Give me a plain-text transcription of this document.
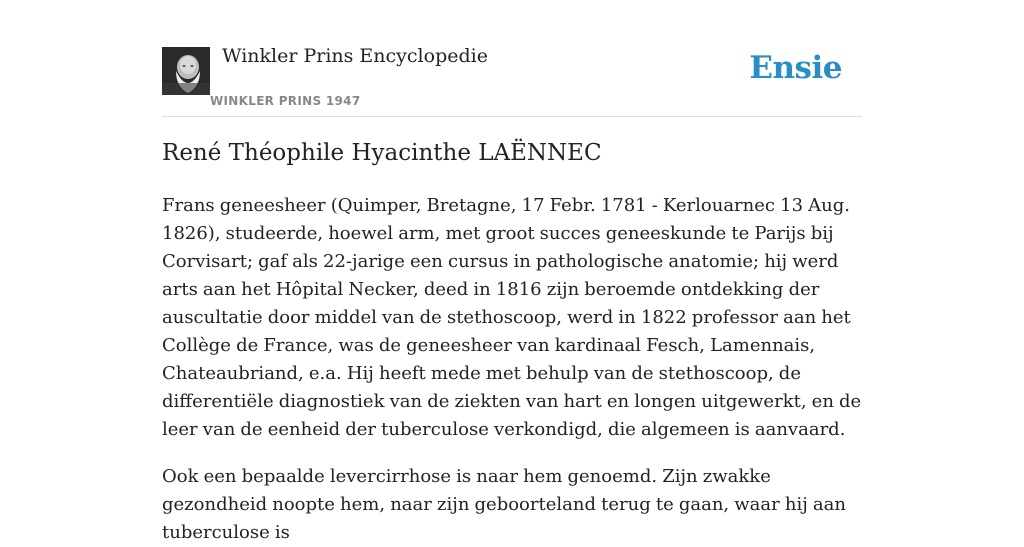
Winkler Prins Encyclopedie
WINKLER PRINS 1947
Ensie
René Théophile Hyacinthe LAËNNEC

Frans geneesheer (Quimper, Bretagne, 17 Febr. 1781 - Kerlouarnec 13 Aug. 1826), studeerde, hoewel arm, met groot succes geneeskunde te Parijs bij Corvisart; gaf als 22-jarige een cursus in pathologische anatomie; hij werd arts aan het Hôpital Necker, deed in 1816 zijn beroemde ontdekking der auscultatie door middel van de stethoscoop, werd in 1822 professor aan het Collège de France, was de geneesheer van kardinaal Fesch, Lamennais, Chateaubriand, e.a. Hij heeft mede met behulp van de stethoscoop, de differentiële diagnostiek van de ziekten van hart en longen uitgewerkt, en de leer van de eenheid der tuberculose verkondigd, die algemeen is aanvaard.

Ook een bepaalde levercirrhose is naar hem genoemd. Zijn zwakke gezondheid noopte hem, naar zijn geboorteland terug te gaan, waar hij aan tuberculose is
